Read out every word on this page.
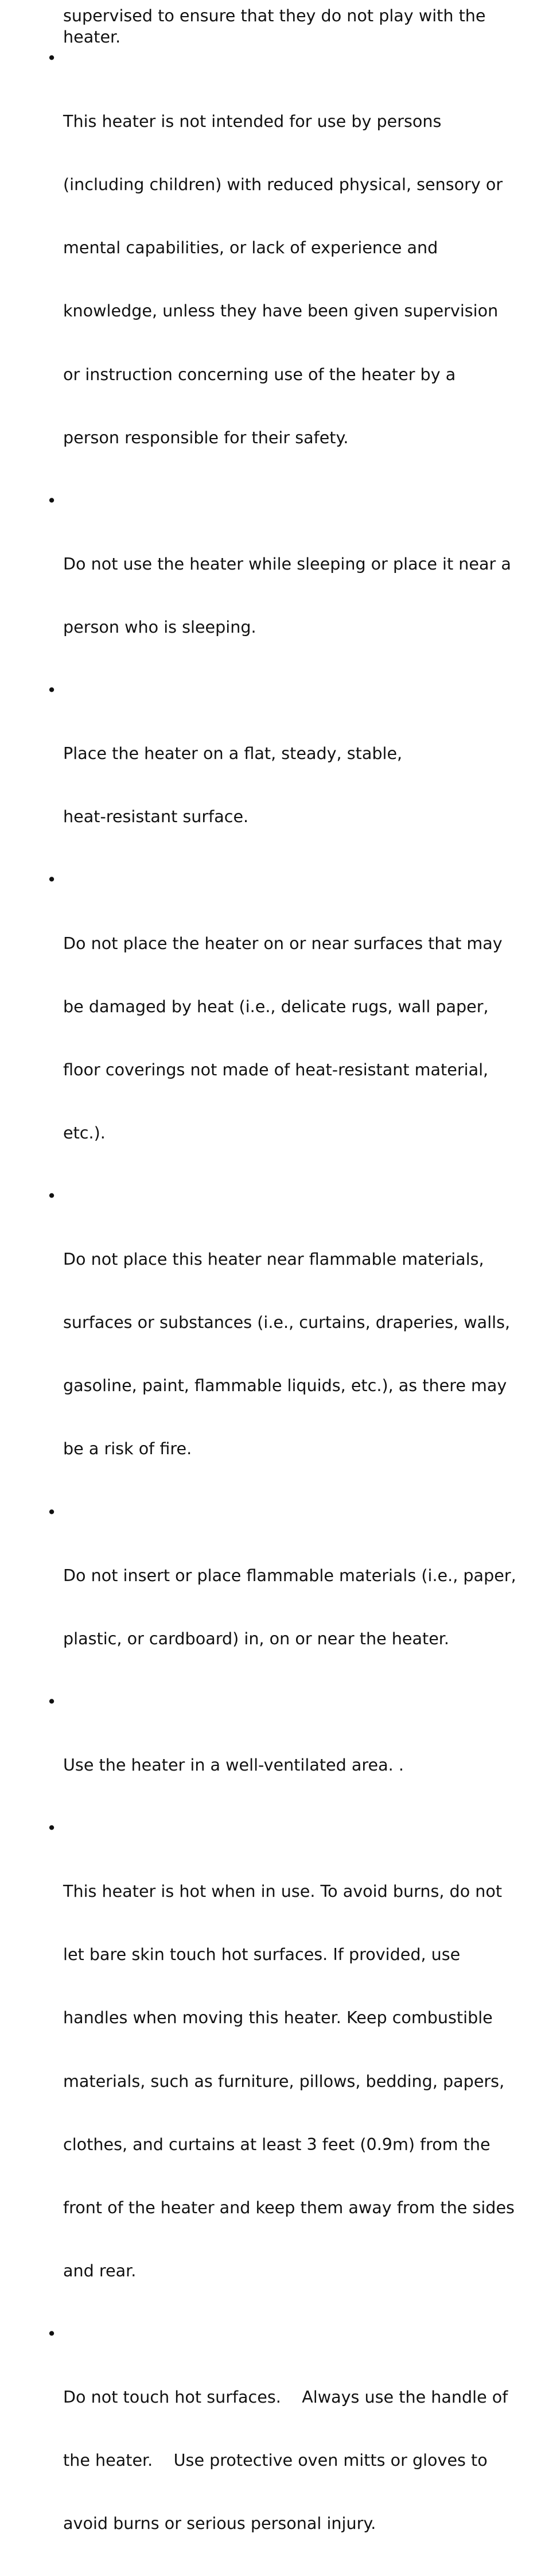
supervised to ensure that they do not play with the
heater.

•

This heater is not intended for use by persons

(including children) with reduced physical, sensory or

mental capabilities, or lack of experience and

knowledge, unless they have been given supervision

or instruction concerning use of the heater by a

person responsible for their safety.

•

Do not use the heater while sleeping or place it near a

person who is sleeping.

•

Place the heater on a flat, steady, stable,

heat-resistant surface.

•

Do not place the heater on or near surfaces that may

be damaged by heat (i.e., delicate rugs, wall paper,

floor coverings not made of heat-resistant material,

etc.).

•

Do not place this heater near flammable materials,

surfaces or substances (i.e., curtains, draperies, walls,

gasoline, paint, flammable liquids, etc.), as there may

be a risk of fire.

•

Do not insert or place flammable materials (i.e., paper,

plastic, or cardboard) in, on or near the heater.

•

Use the heater in a well-ventilated area. .

•

This heater is hot when in use. To avoid burns, do not

let bare skin touch hot surfaces. If provided, use

handles when moving this heater. Keep combustible

materials, such as furniture, pillows, bedding, papers,

clothes, and curtains at least 3 feet (0.9m) from the

front of the heater and keep them away from the sides

and rear.

•

Do not touch hot surfaces.    Always use the handle of

the heater.    Use protective oven mitts or gloves to

avoid burns or serious personal injury.
